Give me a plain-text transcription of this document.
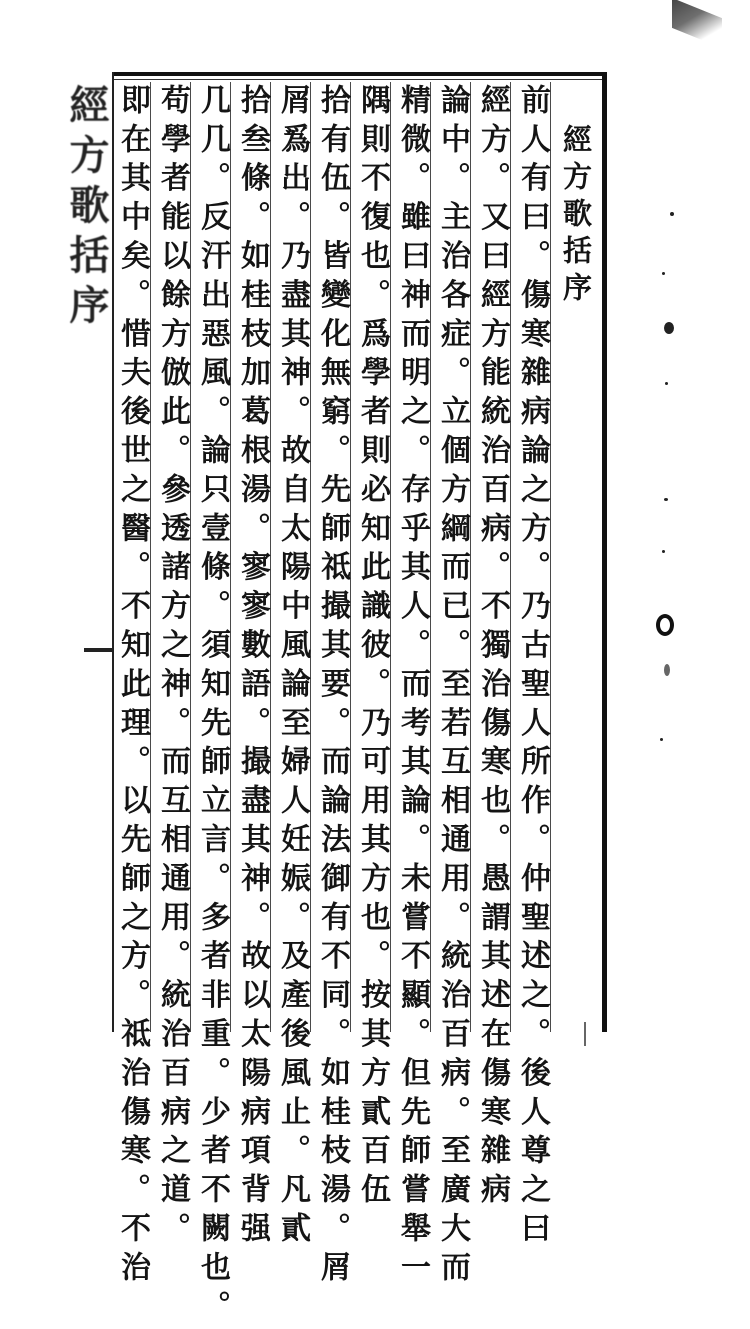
經方歌括序	經方歌括序
前人有曰。傷寒雜病論之方。乃古聖人所作。仲聖述之。後人尊之曰
經方。又曰經方能統治百病。不獨治傷寒也。愚謂其述在傷寒雜病
論中。主治各症。立個方綱而已。至若互相通用。統治百病。至廣大而
精微。雖曰神而明之。存乎其人。而考其論。未嘗不顯。但先師嘗舉一
隅則不復也。爲學者則必知此識彼。乃可用其方也。按其方貳百伍
拾有伍。皆變化無窮。先師祗撮其要。而論法御有不同。如桂枝湯。屑
屑𤔡出。乃盡其神。故自太陽中風論至婦人妊娠。及產後風止。凡貳
拾叁條。如桂枝加葛根湯。寥寥數語。撮盡其神。故以太陽病項背强
几几。反汗出惡風。論只壹條。須知先師立言。多者非重。少者不闕也。
苟學者能以餘方倣此。參透諸方之神。而互相通用。統治百病之道。
即在其中矣。惜夫後世之醫。不知此理。以先師之方。祗治傷寒。不治
